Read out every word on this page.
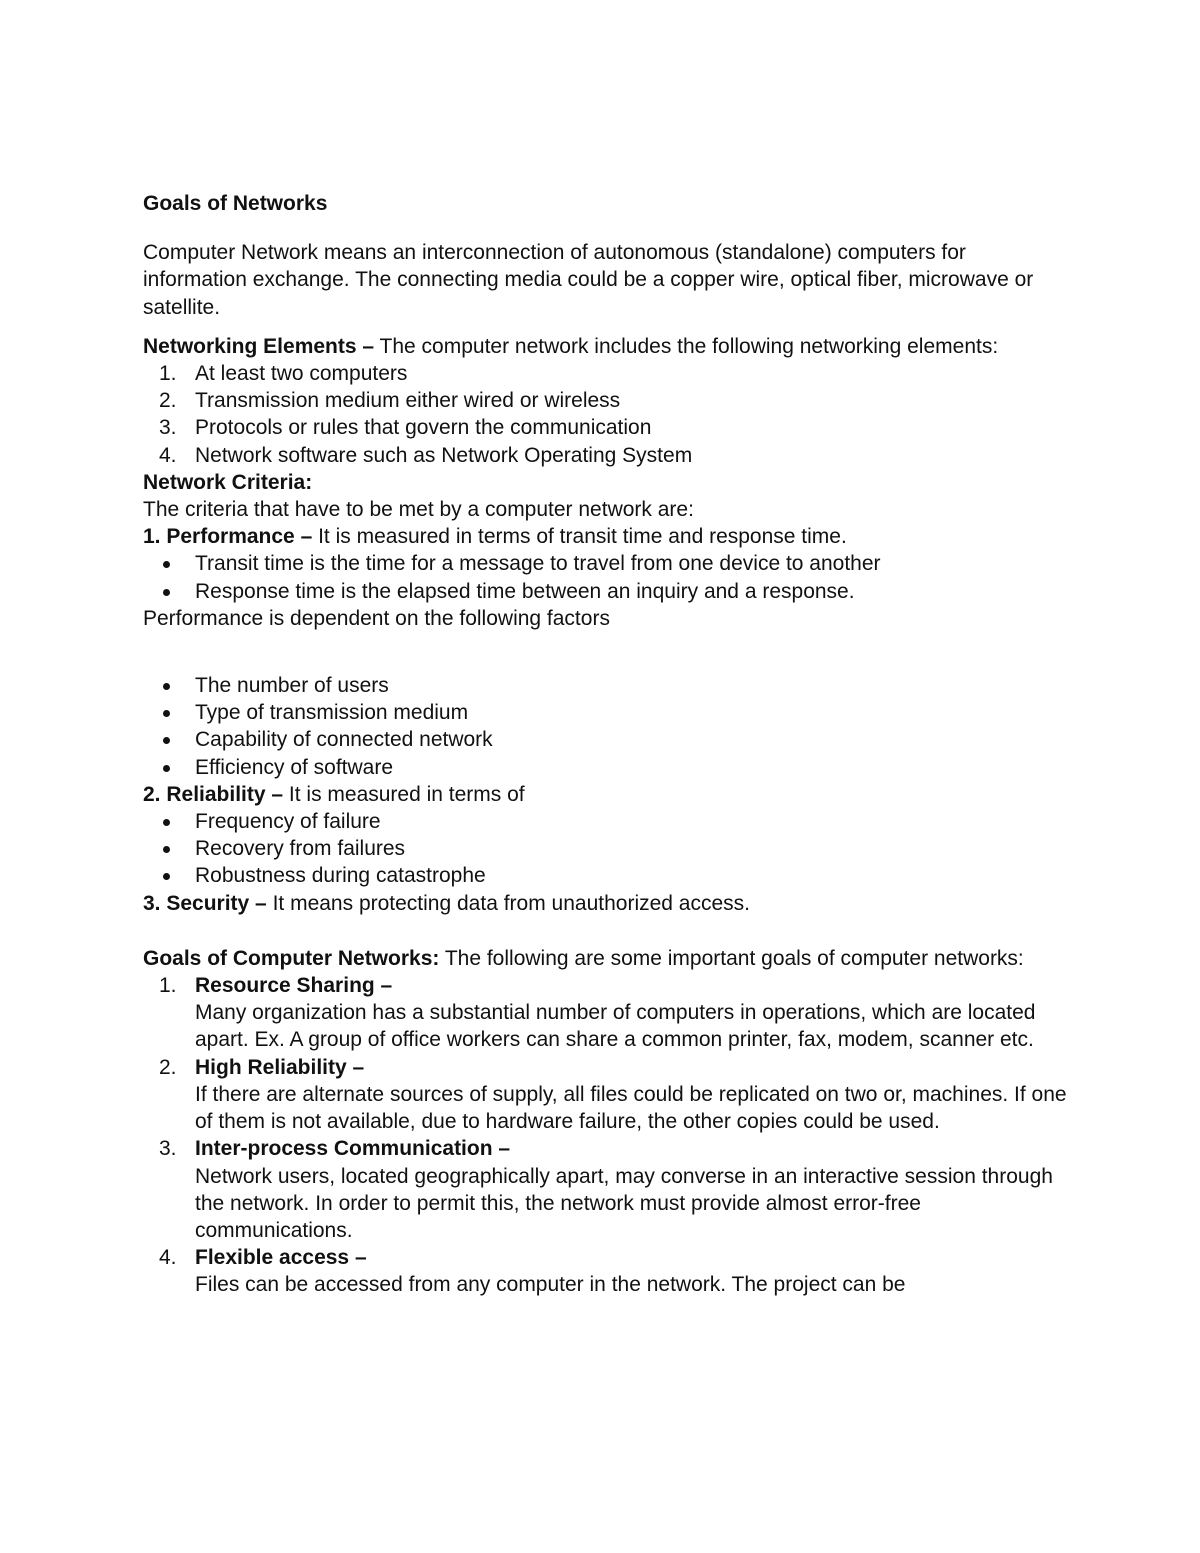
Goals of Networks

Computer Network means an interconnection of autonomous (standalone) computers for information exchange. The connecting media could be a copper wire, optical fiber, microwave or satellite.

Networking Elements – The computer network includes the following networking elements:

1. At least two computers
2. Transmission medium either wired or wireless
3. Protocols or rules that govern the communication
4. Network software such as Network Operating System

Network Criteria:

The criteria that have to be met by a computer network are:

1. Performance – It is measured in terms of transit time and response time.

Transit time is the time for a message to travel from one device to another
Response time is the elapsed time between an inquiry and a response.

Performance is dependent on the following factors

The number of users
Type of transmission medium
Capability of connected network
Efficiency of software

2. Reliability – It is measured in terms of

Frequency of failure
Recovery from failures
Robustness during catastrophe

3. Security – It means protecting data from unauthorized access.

Goals of Computer Networks: The following are some important goals of computer networks:

1. Resource Sharing –
Many organization has a substantial number of computers in operations, which are located apart. Ex. A group of office workers can share a common printer, fax, modem, scanner etc.
2. High Reliability –
If there are alternate sources of supply, all files could be replicated on two or, machines. If one of them is not available, due to hardware failure, the other copies could be used.
3. Inter-process Communication –
Network users, located geographically apart, may converse in an interactive session through the network. In order to permit this, the network must provide almost error-free communications.
4. Flexible access –
Files can be accessed from any computer in the network. The project can be
